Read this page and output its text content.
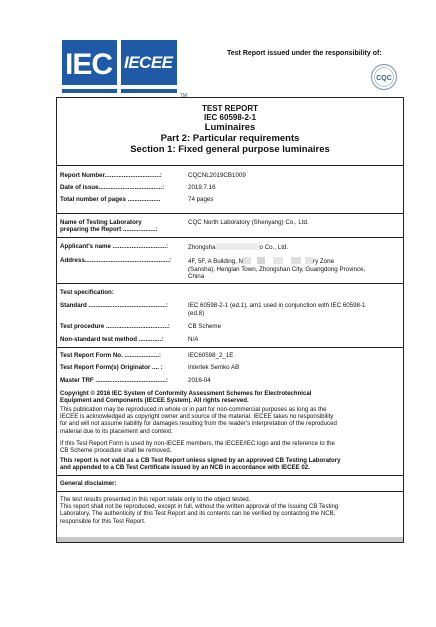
IEC IECEE
TM
Test Report issued under the responsibility of:
CQC
TEST REPORT
IEC 60598-2-1
Luminaires
Part 2: Particular requirements
Section 1: Fixed general purpose luminaires
Report Number................................:	CQCNL2019CB1009
Date of issue.....................................:	2019.7.16
Total number of pages ...................	74 pages
Name of Testing Laboratory
preparing the Report ...................:
CQC North Laboratory (Shenyang) Co., Ltd.
Applicant's name ...............................:	Zhongsha	o Co., Ltd.
Address.................................................:	4F, 5F, A Building, N	ry Zone
(Sansha), Henglan Town, Zhongshan City, Guangdong Province,
China
Test specification:
Standard .............................................:	IEC 60598-2-1 (ed.1), am1 used in conjunction with IEC 60598-1
(ed.8)
Test procedure ....................................:	CB Scheme
Non-standard test method .............:	N/A
Test Report Form No. ....................:	IEC60598_2_1E
Test Report Form(s) Originator .... :	Intertek Semko AB
Master TRF .........................................:	2016-04
Copyright © 2016 IEC System of Conformity Assessment Schemes for Electrotechnical
Equipment and Components (IECEE System). All rights reserved.
This publication may be reproduced in whole or in part for non-commercial purposes as long as the
IECEE is acknowledged as copyright owner and source of the material. IECEE takes no responsibility
for and will not assume liability for damages resulting from the reader's interpretation of the reproduced
material due to its placement and context.
If this Test Report Form is used by non-IECEE members, the IECEE/IEC logo and the reference to the
CB Scheme procedure shall be removed.
This report is not valid as a CB Test Report unless signed by an approved CB Testing Laboratory
and appended to a CB Test Certificate issued by an NCB in accordance with IECEE 02.
General disclaimer:
The test results presented in this report relate only to the object tested.
This report shall not be reproduced, except in full, without the written approval of the Issuing CB Testing
Laboratory. The authenticity of this Test Report and its contents can be verified by contacting the NCB,
responsible for this Test Report.
